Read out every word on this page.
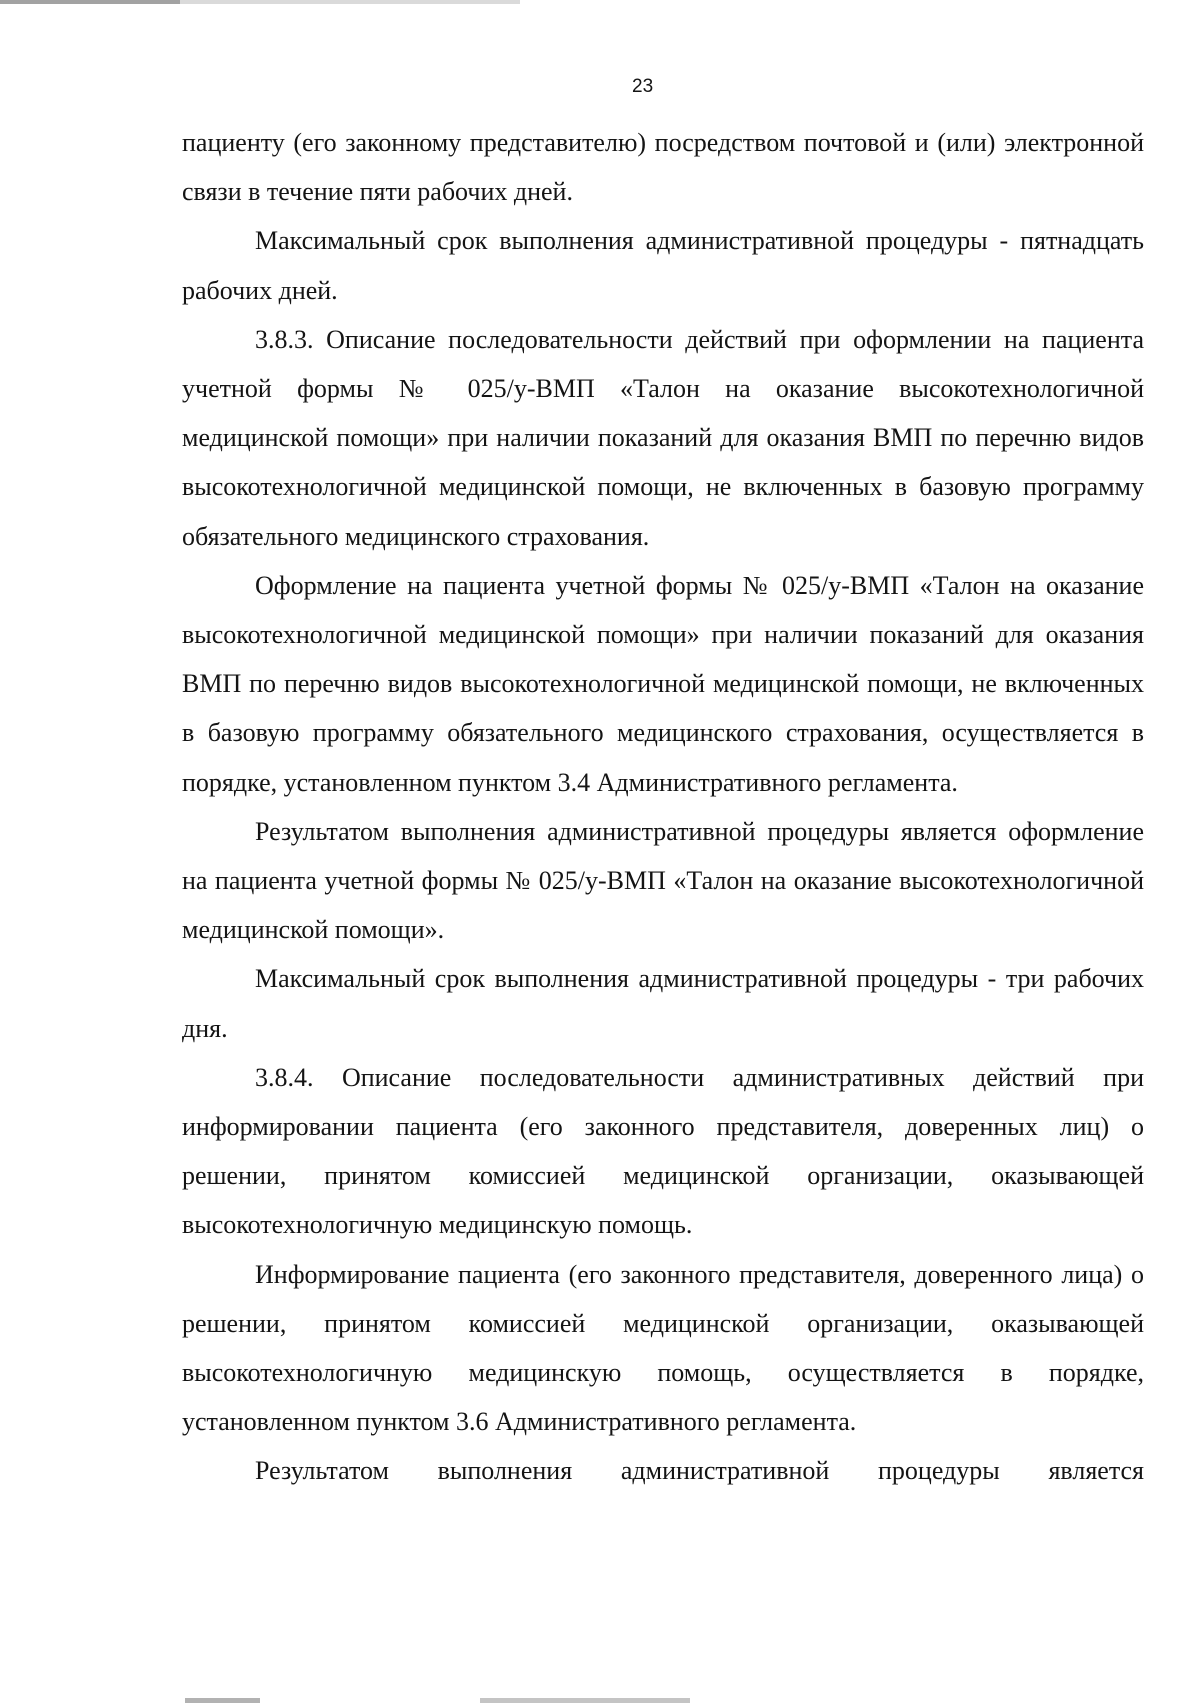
23

пациенту (его законному представителю) посредством почтовой и (или) электронной связи в течение пяти рабочих дней.

Максимальный срок выполнения административной процедуры - пятнадцать рабочих дней.

3.8.3. Описание последовательности действий при оформлении на пациента учетной формы № 025/у-ВМП «Талон на оказание высокотехнологичной медицинской помощи» при наличии показаний для оказания ВМП по перечню видов высокотехнологичной медицинской помощи, не включенных в базовую программу обязательного медицинского страхования.

Оформление на пациента учетной формы № 025/у-ВМП «Талон на оказание высокотехнологичной медицинской помощи» при наличии показаний для оказания ВМП по перечню видов высокотехнологичной медицинской помощи, не включенных в базовую программу обязательного медицинского страхования, осуществляется в порядке, установленном пунктом 3.4 Административного регламента.

Результатом выполнения административной процедуры является оформление на пациента учетной формы № 025/у-ВМП «Талон на оказание высокотехнологичной медицинской помощи».

Максимальный срок выполнения административной процедуры - три рабочих дня.

3.8.4. Описание последовательности административных действий при информировании пациента (его законного представителя, доверенных лиц) о решении, принятом комиссией медицинской организации, оказывающей высокотехнологичную медицинскую помощь.

Информирование пациента (его законного представителя, доверенного лица) о решении, принятом комиссией медицинской организации, оказывающей высокотехнологичную медицинскую помощь, осуществляется в порядке, установленном пунктом 3.6 Административного регламента.

Результатом выполнения административной процедуры является
